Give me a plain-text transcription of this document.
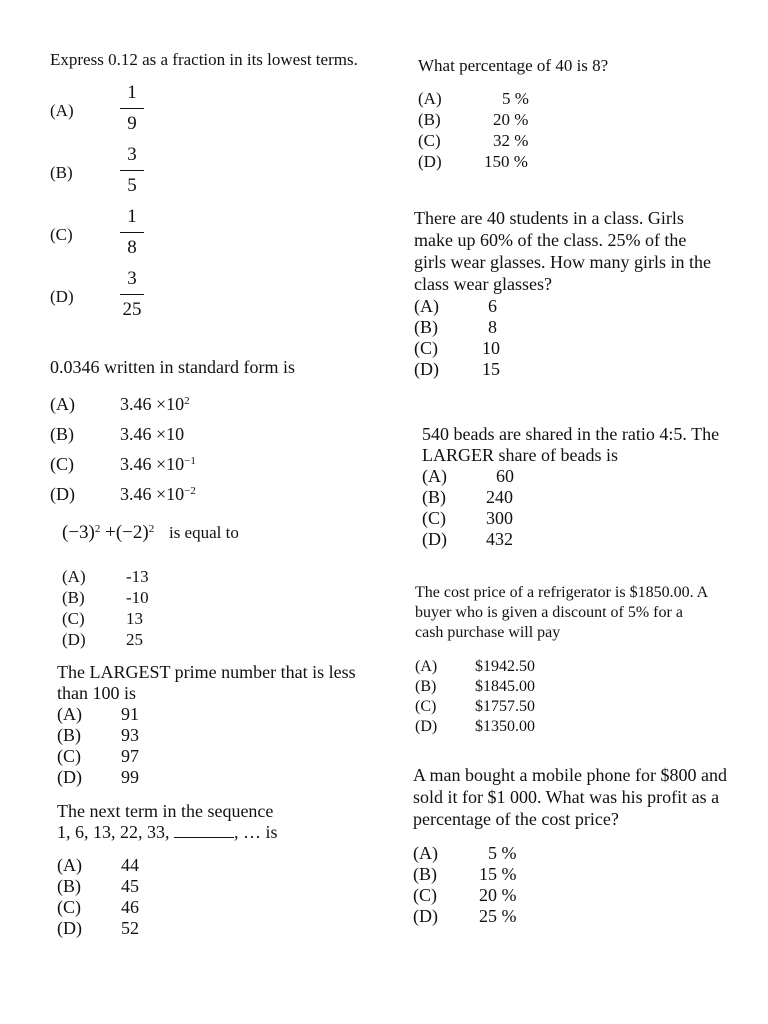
Express 0.12 as a fraction in its lowest terms.
(A)
1
9
(B)
3
5
(C)
1
8
(D)
3
25
0.0346 written in standard form is
(A)	$3.46 \times 10^2$
(B)	3.46 ×10
(C)	$3.46 \times 10^{-1}$
(D)	$3.46 \times 10^{-2}$
$(-3)^2 +(-2)^2$ is equal to
(A) -13
(B) -10
(C) 13
(D) 25
The LARGEST prime number that is less than 100 is
(A) 91
(B) 93
(C) 97
(D) 99
The next term in the sequence
1, 6, 13, 22, 33,	, … is
(A) 44
(B) 45
(C) 46
(D) 52
What percentage of 40 is 8?
(A)	5 %
(B)	20 %
(C)	32 %
(D) 150 %
There are 40 students in a class. Girls make up 60% of the class. 25% of the girls wear glasses. How many girls in the class wear glasses?
(A)	6
(B)	8
(C) 10
(D) 15
540 beads are shared in the ratio 4:5. The LARGER share of beads is
(A)	60
(B) 240
(C) 300
(D) 432
The cost price of a refrigerator is $1850.00. A buyer who is given a discount of 5% for a cash purchase will pay
(A) $1942.50
(B) $1845.00
(C) $1757.50
(D) $1350.00
A man bought a mobile phone for $800 and sold it for $1 000. What was his profit as a percentage of the cost price?
(A)	5 %
(B) 15 %
(C) 20 %
(D) 25 %
